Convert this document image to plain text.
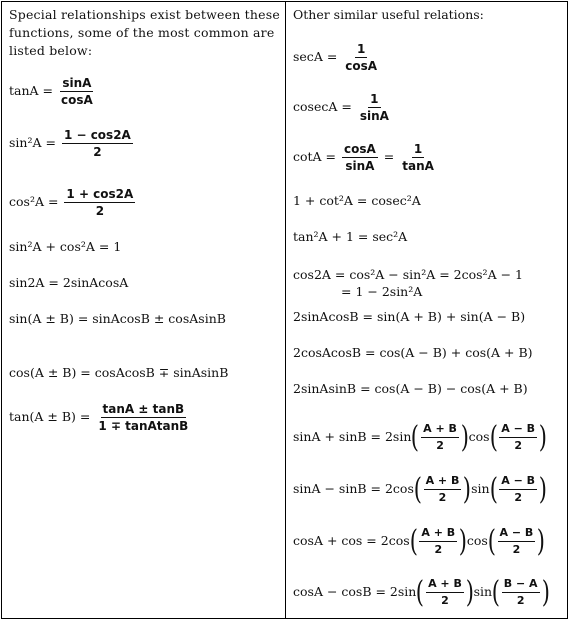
Special relationships exist between these functions, some of the most common are listed below:
$\tan A = \frac{\sin A}{\cos A}$
$\sin^2A = \frac{1 - \cos 2A}{2}$
$\cos^2A = \frac{1 + \cos 2A}{2}$
sin²A + cos²A = 1
sin2A = 2sinAcosA
sin(A ± B) = sinAcosB ± cosAsinB
cos(A ± B) = cosAcosB ∓ sinAsinB
$\tan(A \pm B) = \frac{\tan A \pm \tan B}{\text{1 ∓ tanAtanB}}$
Other similar useful relations:
$\sec A = \frac{1}{\cos A}$
$cosecA = \frac{1}{\sin A}$
$\cot A = \frac{\cos A}{\sin A} = \frac{1}{\tan A}$
1 + cot²A = cosec²A
tan²A + 1 = sec²A
cos2A = cos²A − sin²A = 2cos²A − 1
= 1 − 2sin²A
2sinAcosB = sin(A + B) + sin(A − B)
2cosAcosB = cos(A − B) + cos(A + B)
2sinAsinB = cos(A − B) − cos(A + B)
$\sin A + \sin B = 2\sin( \frac{A + B}{2} )\cos( \frac{A - B}{2}$ )
$\sin A - \sin B = 2\cos( \frac{A + B}{2} )\sin( \frac{A - B}{2}$ )
$\cos A + \cos = 2\cos( \frac{A + B}{2} )\cos( \frac{A - B}{2}$ )
$\cos A - \cos B = 2\sin( \frac{A + B}{2} )\sin( \frac{B - A}{2}$ )
